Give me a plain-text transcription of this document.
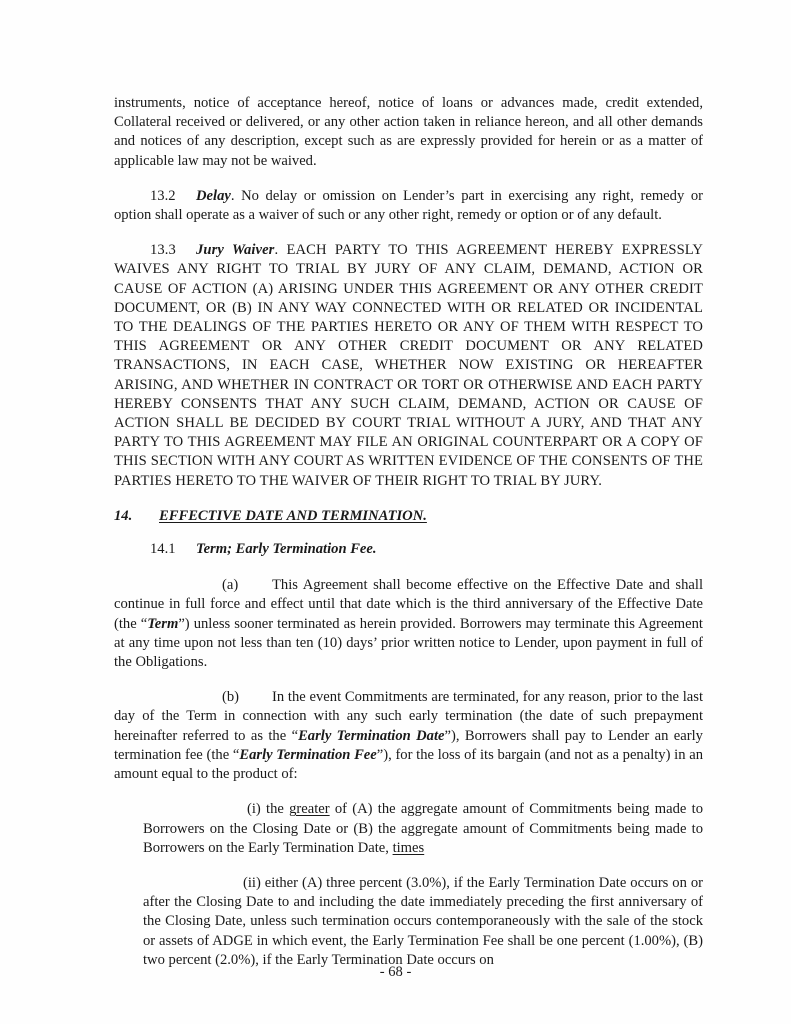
instruments, notice of acceptance hereof, notice of loans or advances made, credit extended, Collateral received or delivered, or any other action taken in reliance hereon, and all other demands and notices of any description, except such as are expressly provided for herein or as a matter of applicable law may not be waived.

13.2 Delay. No delay or omission on Lender’s part in exercising any right, remedy or option shall operate as a waiver of such or any other right, remedy or option or of any default.

13.3 Jury Waiver. EACH PARTY TO THIS AGREEMENT HEREBY EXPRESSLY WAIVES ANY RIGHT TO TRIAL BY JURY OF ANY CLAIM, DEMAND, ACTION OR CAUSE OF ACTION (A) ARISING UNDER THIS AGREEMENT OR ANY OTHER CREDIT DOCUMENT, OR (B) IN ANY WAY CONNECTED WITH OR RELATED OR INCIDENTAL TO THE DEALINGS OF THE PARTIES HERETO OR ANY OF THEM WITH RESPECT TO THIS AGREEMENT OR ANY OTHER CREDIT DOCUMENT OR ANY RELATED TRANSACTIONS, IN EACH CASE, WHETHER NOW EXISTING OR HEREAFTER ARISING, AND WHETHER IN CONTRACT OR TORT OR OTHERWISE AND EACH PARTY HEREBY CONSENTS THAT ANY SUCH CLAIM, DEMAND, ACTION OR CAUSE OF ACTION SHALL BE DECIDED BY COURT TRIAL WITHOUT A JURY, AND THAT ANY PARTY TO THIS AGREEMENT MAY FILE AN ORIGINAL COUNTERPART OR A COPY OF THIS SECTION WITH ANY COURT AS WRITTEN EVIDENCE OF THE CONSENTS OF THE PARTIES HERETO TO THE WAIVER OF THEIR RIGHT TO TRIAL BY JURY.

14. EFFECTIVE DATE AND TERMINATION.

14.1 Term; Early Termination Fee.

(a) This Agreement shall become effective on the Effective Date and shall continue in full force and effect until that date which is the third anniversary of the Effective Date (the “Term”) unless sooner terminated as herein provided. Borrowers may terminate this Agreement at any time upon not less than ten (10) days’ prior written notice to Lender, upon payment in full of the Obligations.

(b) In the event Commitments are terminated, for any reason, prior to the last day of the Term in connection with any such early termination (the date of such prepayment hereinafter referred to as the “Early Termination Date”), Borrowers shall pay to Lender an early termination fee (the “Early Termination Fee”), for the loss of its bargain (and not as a penalty) in an amount equal to the product of:

(i) the greater of (A) the aggregate amount of Commitments being made to Borrowers on the Closing Date or (B) the aggregate amount of Commitments being made to Borrowers on the Early Termination Date, times

(ii) either (A) three percent (3.0%), if the Early Termination Date occurs on or after the Closing Date to and including the date immediately preceding the first anniversary of the Closing Date, unless such termination occurs contemporaneously with the sale of the stock or assets of ADGE in which event, the Early Termination Fee shall be one percent (1.00%), (B) two percent (2.0%), if the Early Termination Date occurs on

- 68 -
